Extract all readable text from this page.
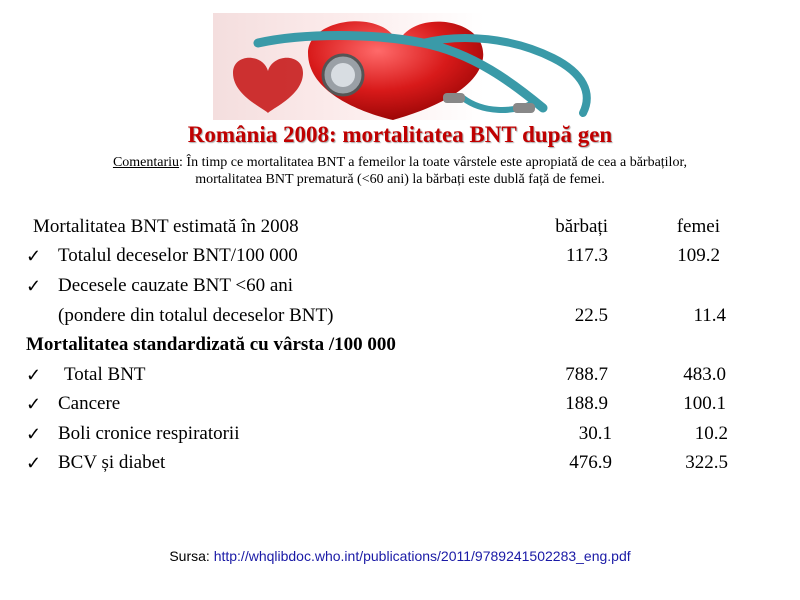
România 2008: mortalitatea BNT după gen
Comentariu: În timp ce mortalitatea BNT a femeilor la toate vârstele este apropiată de cea a bărbaților,
mortalitatea BNT prematură (<60 ani) la bărbați este dublă față de femei.
Mortalitatea BNT estimată în 2008	bărbați	femei
✓ Totalul deceselor BNT/100 000	117.3	109.2
✓ Decesele cauzate BNT <60 ani
(pondere din totalul deceselor BNT)	22.5	11.4
Mortalitatea standardizată cu vârsta /100 000
✓ Total BNT	788.7	483.0
✓ Cancere	188.9	100.1
✓ Boli cronice respiratorii	30.1	10.2
✓ BCV și diabet	476.9	322.5
Sursa: http://whqlibdoc.who.int/publications/2011/9789241502283_eng.pdf
